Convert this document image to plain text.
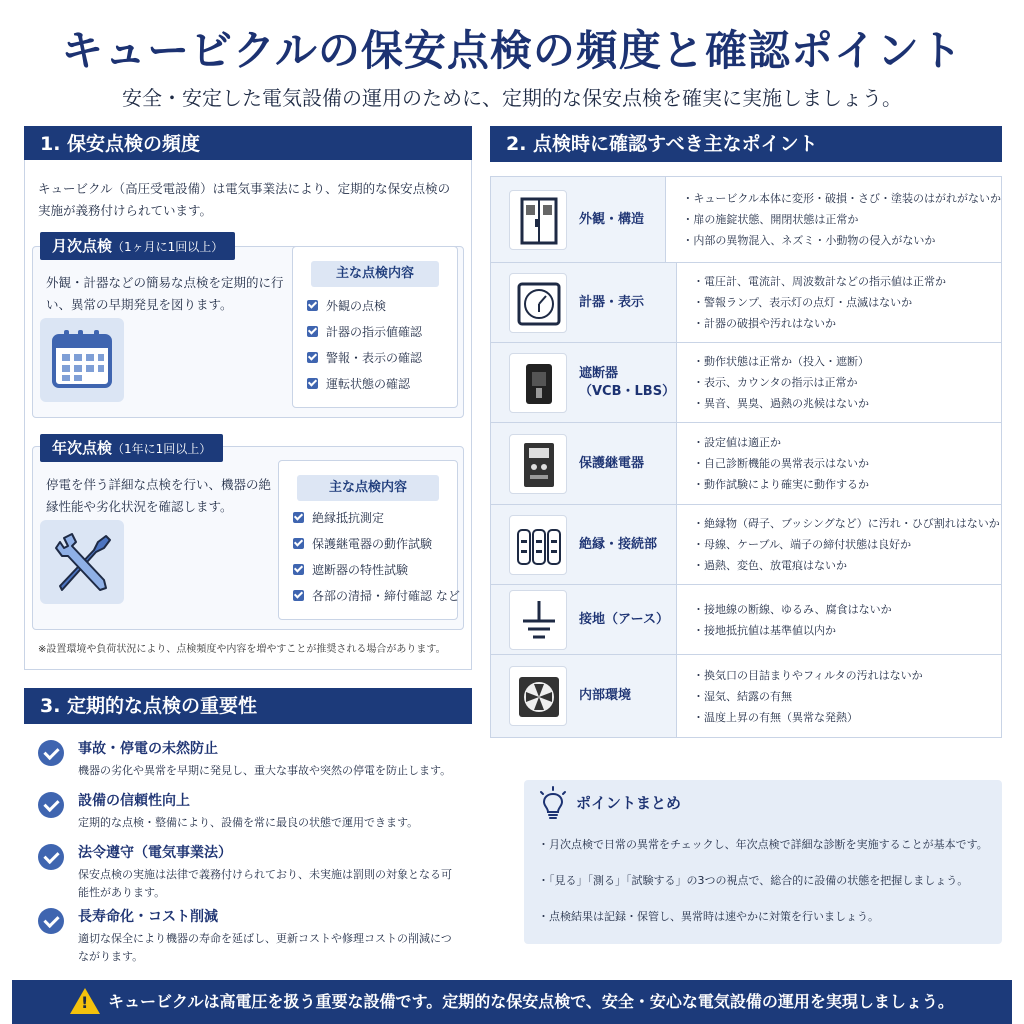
キュービクルの保安点検の頻度と確認ポイント
安全・安定した電気設備の運用のために、定期的な保安点検を確実に実施しましょう。
1. 保安点検の頻度
キュービクル（高圧受電設備）は電気事業法により、定期的な保安点検の実施が義務付けられています。
月次点検（1ヶ月に1回以上）
外観・計器などの簡易な点検を定期的に行い、異常の早期発見を図ります。
主な点検内容
外観の点検
計器の指示値確認
警報・表示の確認
運転状態の確認
年次点検（1年に1回以上）
停電を伴う詳細な点検を行い、機器の絶縁性能や劣化状況を確認します。
主な点検内容
絶縁抵抗測定
保護継電器の動作試験
遮断器の特性試験
各部の清掃・締付確認 など
※設置環境や負荷状況により、点検頻度や内容を増やすことが推奨される場合があります。
2. 点検時に確認すべき主なポイント
外観・構造
・キュービクル本体に変形・破損・さび・塗装のはがれがないか
・扉の施錠状態、開閉状態は正常か
・内部の異物混入、ネズミ・小動物の侵入がないか
計器・表示
・電圧計、電流計、周波数計などの指示値は正常か
・警報ランプ、表示灯の点灯・点滅はないか
・計器の破損や汚れはないか
遮断器
（VCB・LBS）
・動作状態は正常か（投入・遮断）
・表示、カウンタの指示は正常か
・異音、異臭、過熱の兆候はないか
保護継電器
・設定値は適正か
・自己診断機能の異常表示はないか
・動作試験により確実に動作するか
絶縁・接続部
・絶縁物（碍子、ブッシングなど）に汚れ・ひび割れはないか
・母線、ケーブル、端子の締付状態は良好か
・過熱、変色、放電痕はないか
接地（アース）
・接地線の断線、ゆるみ、腐食はないか
・接地抵抗値は基準値以内か
内部環境
・換気口の目詰まりやフィルタの汚れはないか
・湿気、結露の有無
・温度上昇の有無（異常な発熱）
3. 定期的な点検の重要性
事故・停電の未然防止
機器の劣化や異常を早期に発見し、重大な事故や突然の停電を防止します。
設備の信頼性向上
定期的な点検・整備により、設備を常に最良の状態で運用できます。
法令遵守（電気事業法）
保安点検の実施は法律で義務付けられており、未実施は罰則の対象となる可能性があります。
長寿命化・コスト削減
適切な保全により機器の寿命を延ばし、更新コストや修理コストの削減につながります。
ポイントまとめ
・月次点検で日常の異常をチェックし、年次点検で詳細な診断を実施することが基本です。
・「見る」「測る」「試験する」の3つの視点で、総合的に設備の状態を把握しましょう。
・点検結果は記録・保管し、異常時は速やかに対策を行いましょう。
! キュービクルは高電圧を扱う重要な設備です。定期的な保安点検で、安全・安心な電気設備の運用を実現しましょう。
